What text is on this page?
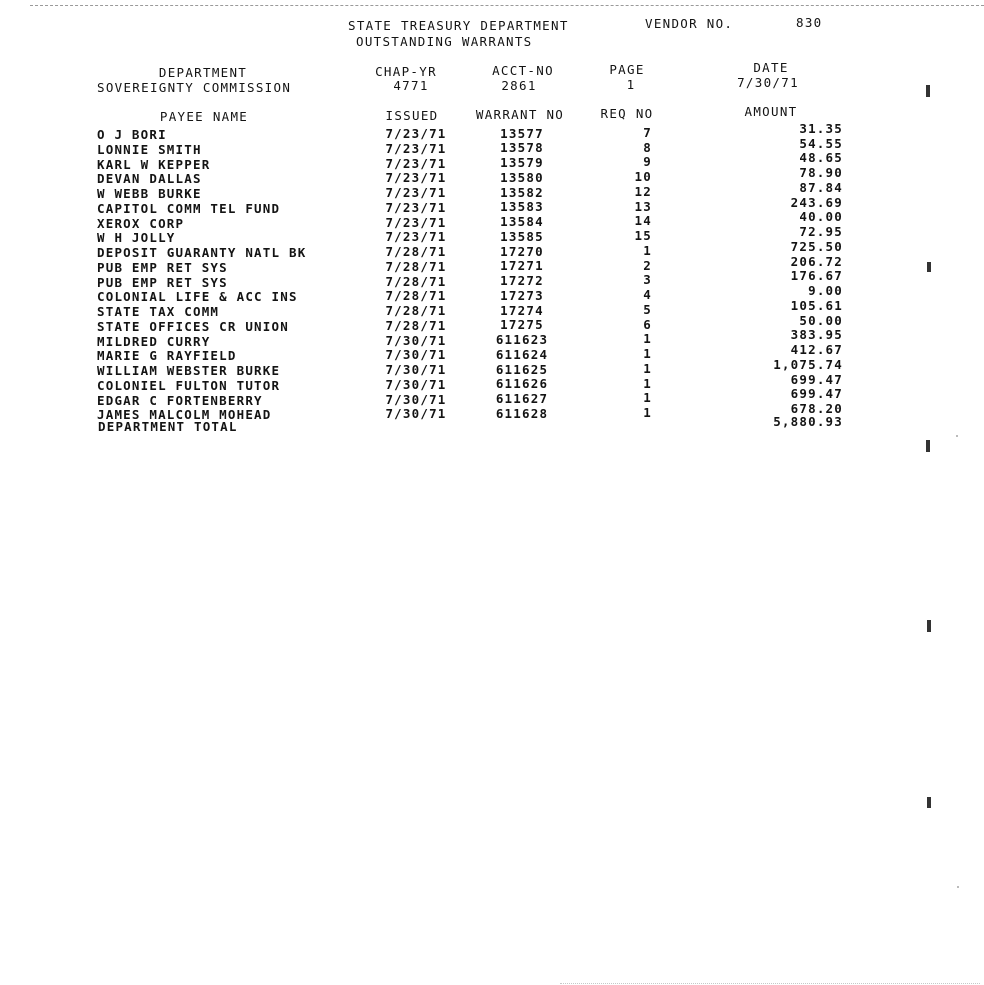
STATE TREASURY DEPARTMENT
OUTSTANDING WARRANTS
VENDOR NO.	830
DEPARTMENT
SOVEREIGNTY COMMISSION
CHAP-YR
4771
ACCT-NO
2861
PAGE
1
DATE
7/30/71
PAYEE NAME	ISSUED	WARRANT NO	REQ NO	AMOUNT
O J BORI	7/23/71	13577	7	31.35
LONNIE SMITH	7/23/71	13578	8	54.55
KARL W KEPPER	7/23/71	13579	9	48.65
DEVAN DALLAS	7/23/71	13580	10	78.90
W WEBB BURKE	7/23/71	13582	12	87.84
CAPITOL COMM TEL FUND	7/23/71	13583	13	243.69
XEROX CORP	7/23/71	13584	14	40.00
W H JOLLY	7/23/71	13585	15	72.95
DEPOSIT GUARANTY NATL BK	7/28/71	17270	1	725.50
PUB EMP RET SYS	7/28/71	17271	2	206.72
PUB EMP RET SYS	7/28/71	17272	3	176.67
COLONIAL LIFE & ACC INS	7/28/71	17273	4	9.00
STATE TAX COMM	7/28/71	17274	5	105.61
STATE OFFICES CR UNION	7/28/71	17275	6	50.00
MILDRED CURRY	7/30/71	611623	1	383.95
MARIE G RAYFIELD	7/30/71	611624	1	412.67
WILLIAM WEBSTER BURKE	7/30/71	611625	1	1,075.74
COLONIEL FULTON TUTOR	7/30/71	611626	1	699.47
EDGAR C FORTENBERRY	7/30/71	611627	1	699.47
JAMES MALCOLM MOHEAD	7/30/71	611628	1	678.20
DEPARTMENT TOTAL	5,880.93
